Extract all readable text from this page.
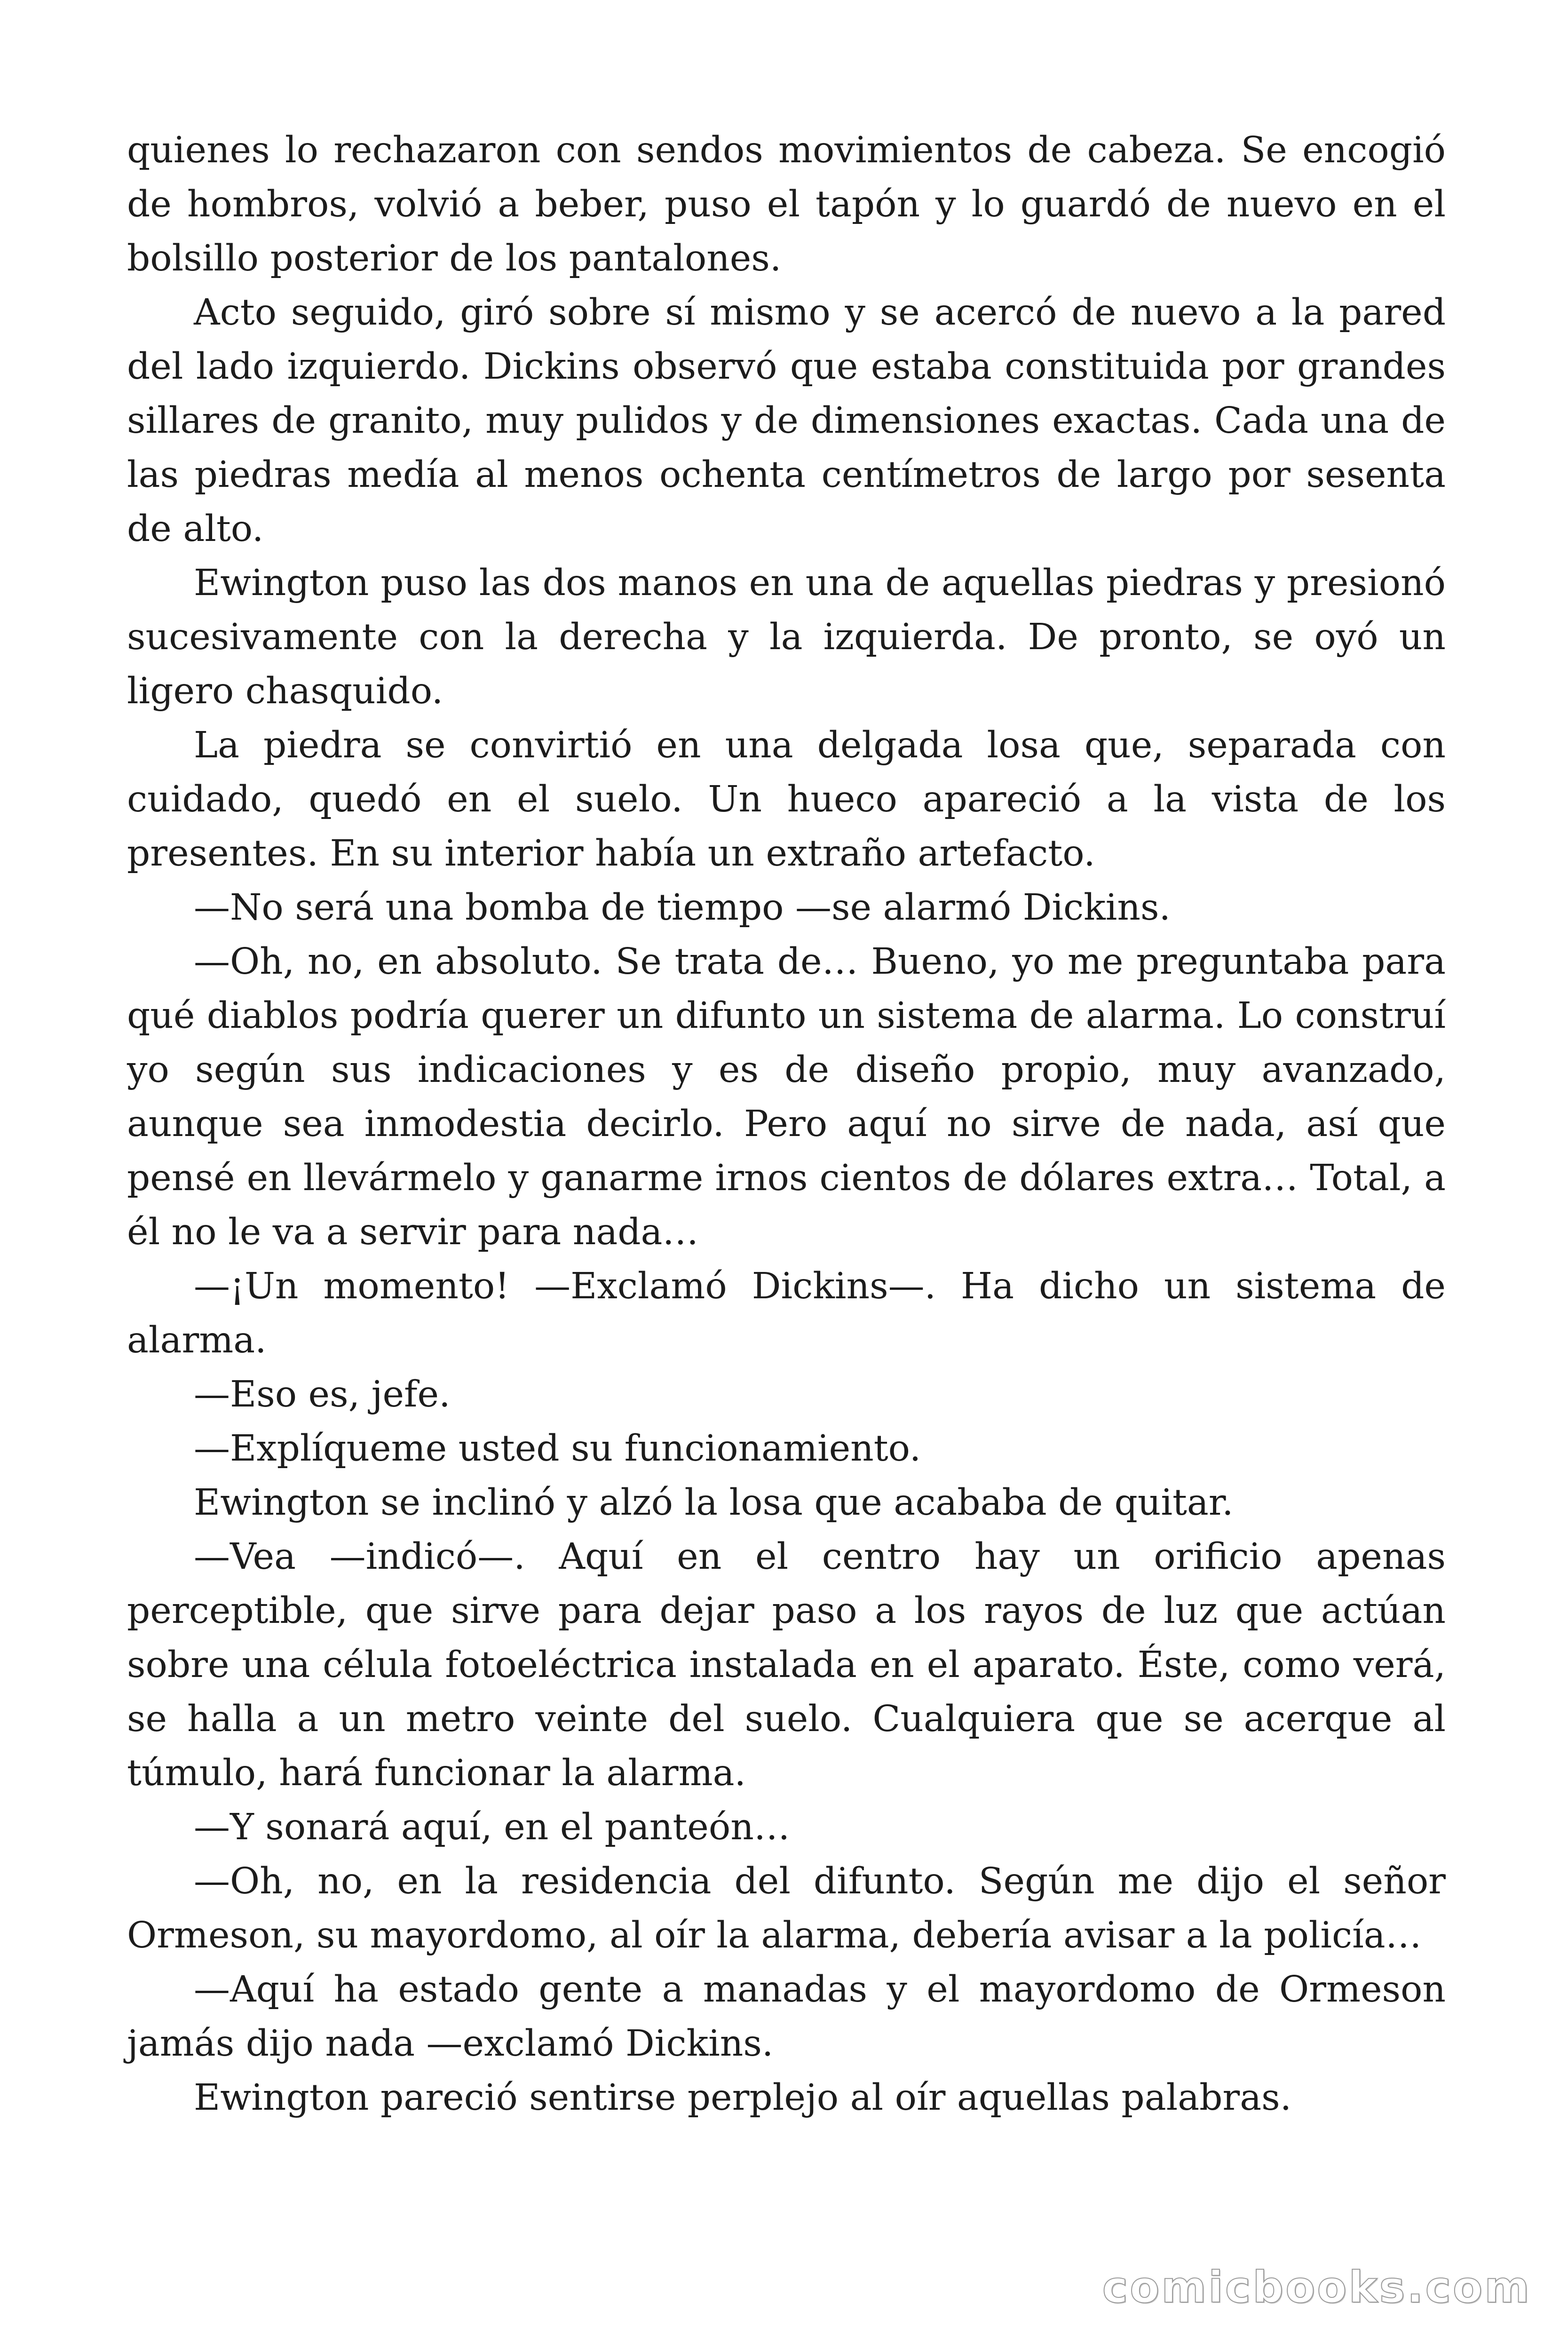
quienes lo rechazaron con sendos movimientos de cabeza. Se encogió de hombros, volvió a beber, puso el tapón y lo guardó de nuevo en el bolsillo posterior de los pantalones.

Acto seguido, giró sobre sí mismo y se acercó de nuevo a la pared del lado izquierdo. Dickins observó que estaba constituida por grandes sillares de granito, muy pulidos y de dimensiones exactas. Cada una de las piedras medía al menos ochenta centímetros de largo por sesenta de alto.

Ewington puso las dos manos en una de aquellas piedras y presionó sucesivamente con la derecha y la izquierda. De pronto, se oyó un ligero chasquido.

La piedra se convirtió en una delgada losa que, separada con cuidado, quedó en el suelo. Un hueco apareció a la vista de los presentes. En su interior había un extraño artefacto.

—No será una bomba de tiempo —se alarmó Dickins.

—Oh, no, en absoluto. Se trata de… Bueno, yo me preguntaba para qué diablos podría querer un difunto un sistema de alarma. Lo construí yo según sus indicaciones y es de diseño propio, muy avanzado, aunque sea inmodestia decirlo. Pero aquí no sirve de nada, así que pensé en llevármelo y ganarme irnos cientos de dólares extra… Total, a él no le va a servir para nada…

—¡Un momento! —Exclamó Dickins—. Ha dicho un sistema de alarma.

—Eso es, jefe.

—Explíqueme usted su funcionamiento.

Ewington se inclinó y alzó la losa que acababa de quitar.

—Vea —indicó—. Aquí en el centro hay un orificio apenas perceptible, que sirve para dejar paso a los rayos de luz que actúan sobre una célula fotoeléctrica instalada en el aparato. Éste, como verá, se halla a un metro veinte del suelo. Cualquiera que se acerque al túmulo, hará funcionar la alarma.

—Y sonará aquí, en el panteón…

—Oh, no, en la residencia del difunto. Según me dijo el señor Ormeson, su mayordomo, al oír la alarma, debería avisar a la policía…

—Aquí ha estado gente a manadas y el mayordomo de Ormeson jamás dijo nada —exclamó Dickins.

Ewington pareció sentirse perplejo al oír aquellas palabras.

comicbooks.com
